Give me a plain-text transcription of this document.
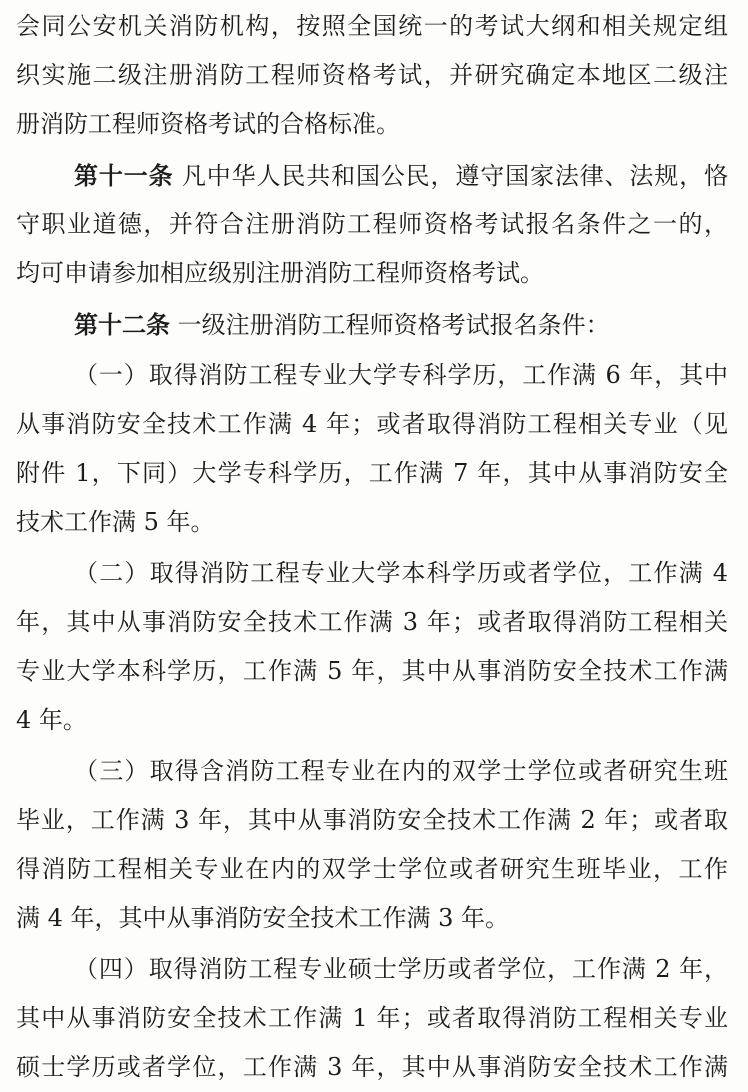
会同公安机关消防机构，按照全国统一的考试大纲和相关规定组
织实施二级注册消防工程师资格考试，并研究确定本地区二级注
册消防工程师资格考试的合格标准。
第十一条 凡中华人民共和国公民，遵守国家法律、法规，恪
守职业道德，并符合注册消防工程师资格考试报名条件之一的，
均可申请参加相应级别注册消防工程师资格考试。
第十二条 一级注册消防工程师资格考试报名条件：
（一）取得消防工程专业大学专科学历，工作满 6 年，其中
从事消防安全技术工作满 4 年；或者取得消防工程相关专业（见
附件 1，下同）大学专科学历，工作满 7 年，其中从事消防安全
技术工作满 5 年。
（二）取得消防工程专业大学本科学历或者学位，工作满 4
年，其中从事消防安全技术工作满 3 年；或者取得消防工程相关
专业大学本科学历，工作满 5 年，其中从事消防安全技术工作满
4 年。
（三）取得含消防工程专业在内的双学士学位或者研究生班
毕业，工作满 3 年，其中从事消防安全技术工作满 2 年；或者取
得消防工程相关专业在内的双学士学位或者研究生班毕业，工作
满 4 年，其中从事消防安全技术工作满 3 年。
（四）取得消防工程专业硕士学历或者学位，工作满 2 年，
其中从事消防安全技术工作满 1 年；或者取得消防工程相关专业
硕士学历或者学位，工作满 3 年，其中从事消防安全技术工作满
